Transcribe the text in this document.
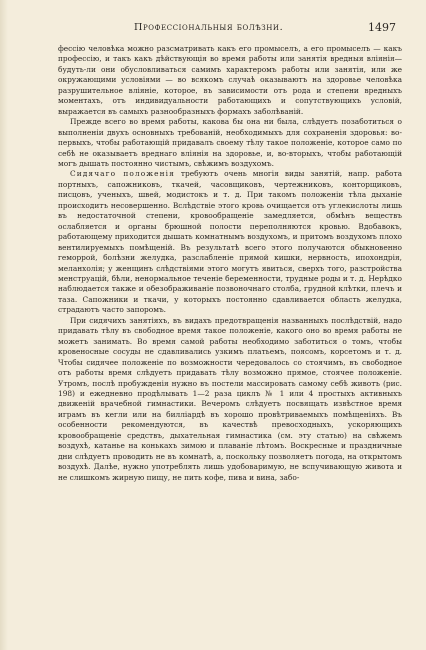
Профессіональныя болѣзни.	1497

фессію человѣка можно разсматривать какъ его промыселъ, а его промыселъ — какъ профессію, и такъ какъ дѣйствующія во время работы или занятія вредныя вліянія—будуть-ли они обусловливаться самимъ характеромъ работы или занятія, или же окружающими условіями — во всякомъ случаѣ оказываютъ на здоровье человѣка разрушительное вліяніе, которое, въ зависимости отъ рода и степени вредныхъ моментахъ, отъ индивидуальности работающихъ и сопутствующихъ условій, выражается въ самыхъ разнообразныхъ формахъ заболѣваній.

Прежде всего во время работы, какова бы она ни была, слѣдуетъ позаботиться о выполненіи двухъ основныхъ требованій, необходимыхъ для сохраненія здоровья: во-первыхъ, чтобы работающій придавалъ своему тѣлу такое положеніе, которое само по себѣ не оказываетъ вреднаго вліянія на здоровье, и, во-вторыхъ, чтобы работающій могъ дышать постоянно чистымъ, свѣжимъ воздухомъ.

Сидячаго положенія требуютъ очень многія виды занятій, напр. работа портныхъ, сапожниковъ, ткачей, часовщиковъ, чертежниковъ, конторщиковъ, писцовъ, ученыхъ, швей, модистокъ и т. д. При такомъ положеніи тѣла дыханіе происходитъ несовершенно. Вслѣдствіе этого кровь очищается отъ углекислоты лишь въ недостаточной степени, кровообращеніе замедляется, обмѣнъ веществъ ослабляется и органы брюшной полости переполняются кровью. Вдобавокъ, работающему приходится дышать комнатнымъ воздухомъ, и притомъ воздухомъ плохо вентилируемыхъ помѣщеній. Въ результатѣ всего этого получаются обыкновенно геморрой, болѣзни желудка, разслабленіе прямой кишки, нервность, ипохондрія, меланхолія; у женщинъ слѣдствіями этого могутъ явиться, сверхъ того, разстройства менструацій, бѣли, ненормальное теченіе беременности, трудные роды и т. д. Нерѣдко наблюдается также и обезображиваніе позвоночнаго столба, грудной клѣтки, плечъ и таза. Сапожники и ткачи, у которыхъ постоянно сдавливается область желудка, страдаютъ часто запоромъ.

При сидячихъ занятіяхъ, въ видахъ предотвращенія названныхъ послѣдствій, надо придавать тѣлу въ свободное время такое положеніе, какого оно во время работы не можетъ занимать. Во время самой работы необходимо заботиться о томъ, чтобы кровеносные сосуды не сдавливались узкимъ платьемъ, поясомъ, корсетомъ и т. д. Чтобы сидячее положеніе по возможности чередовалось со стоячимъ, въ свободное отъ работы время слѣдуетъ придавать тѣлу возможно прямое, стоячее положеніе. Утромъ, послѣ пробужденія нужно въ постели массировать самому себѣ животъ (рис. 198) и ежедневно продѣлывать 1—2 раза циклъ № 1 или 4 простыхъ активныхъ движеній врачебной гимнастики. Вечеромъ слѣдуетъ посвящать извѣстное время играмъ въ кегли или на билліардѣ въ хорошо провѣтриваемыхъ помѣщеніяхъ. Въ особенности рекомендуются, въ качествѣ превосходныхъ, ускоряющихъ кровообращеніе средствъ, дыхательная гимнастика (см. эту статью) на свѣжемъ воздухѣ, катанье на конькахъ зимою и плаваніе лѣтомъ. Воскресные и праздничные дни слѣдуетъ проводить не въ комнатѣ, а, поскольку позволяетъ погода, на открытомъ воздухѣ. Далѣе, нужно употреблять лишь удобоваримую, не вспучивающую живота и не слишкомъ жирную пищу, не пить кофе, пива и вина, забо-
